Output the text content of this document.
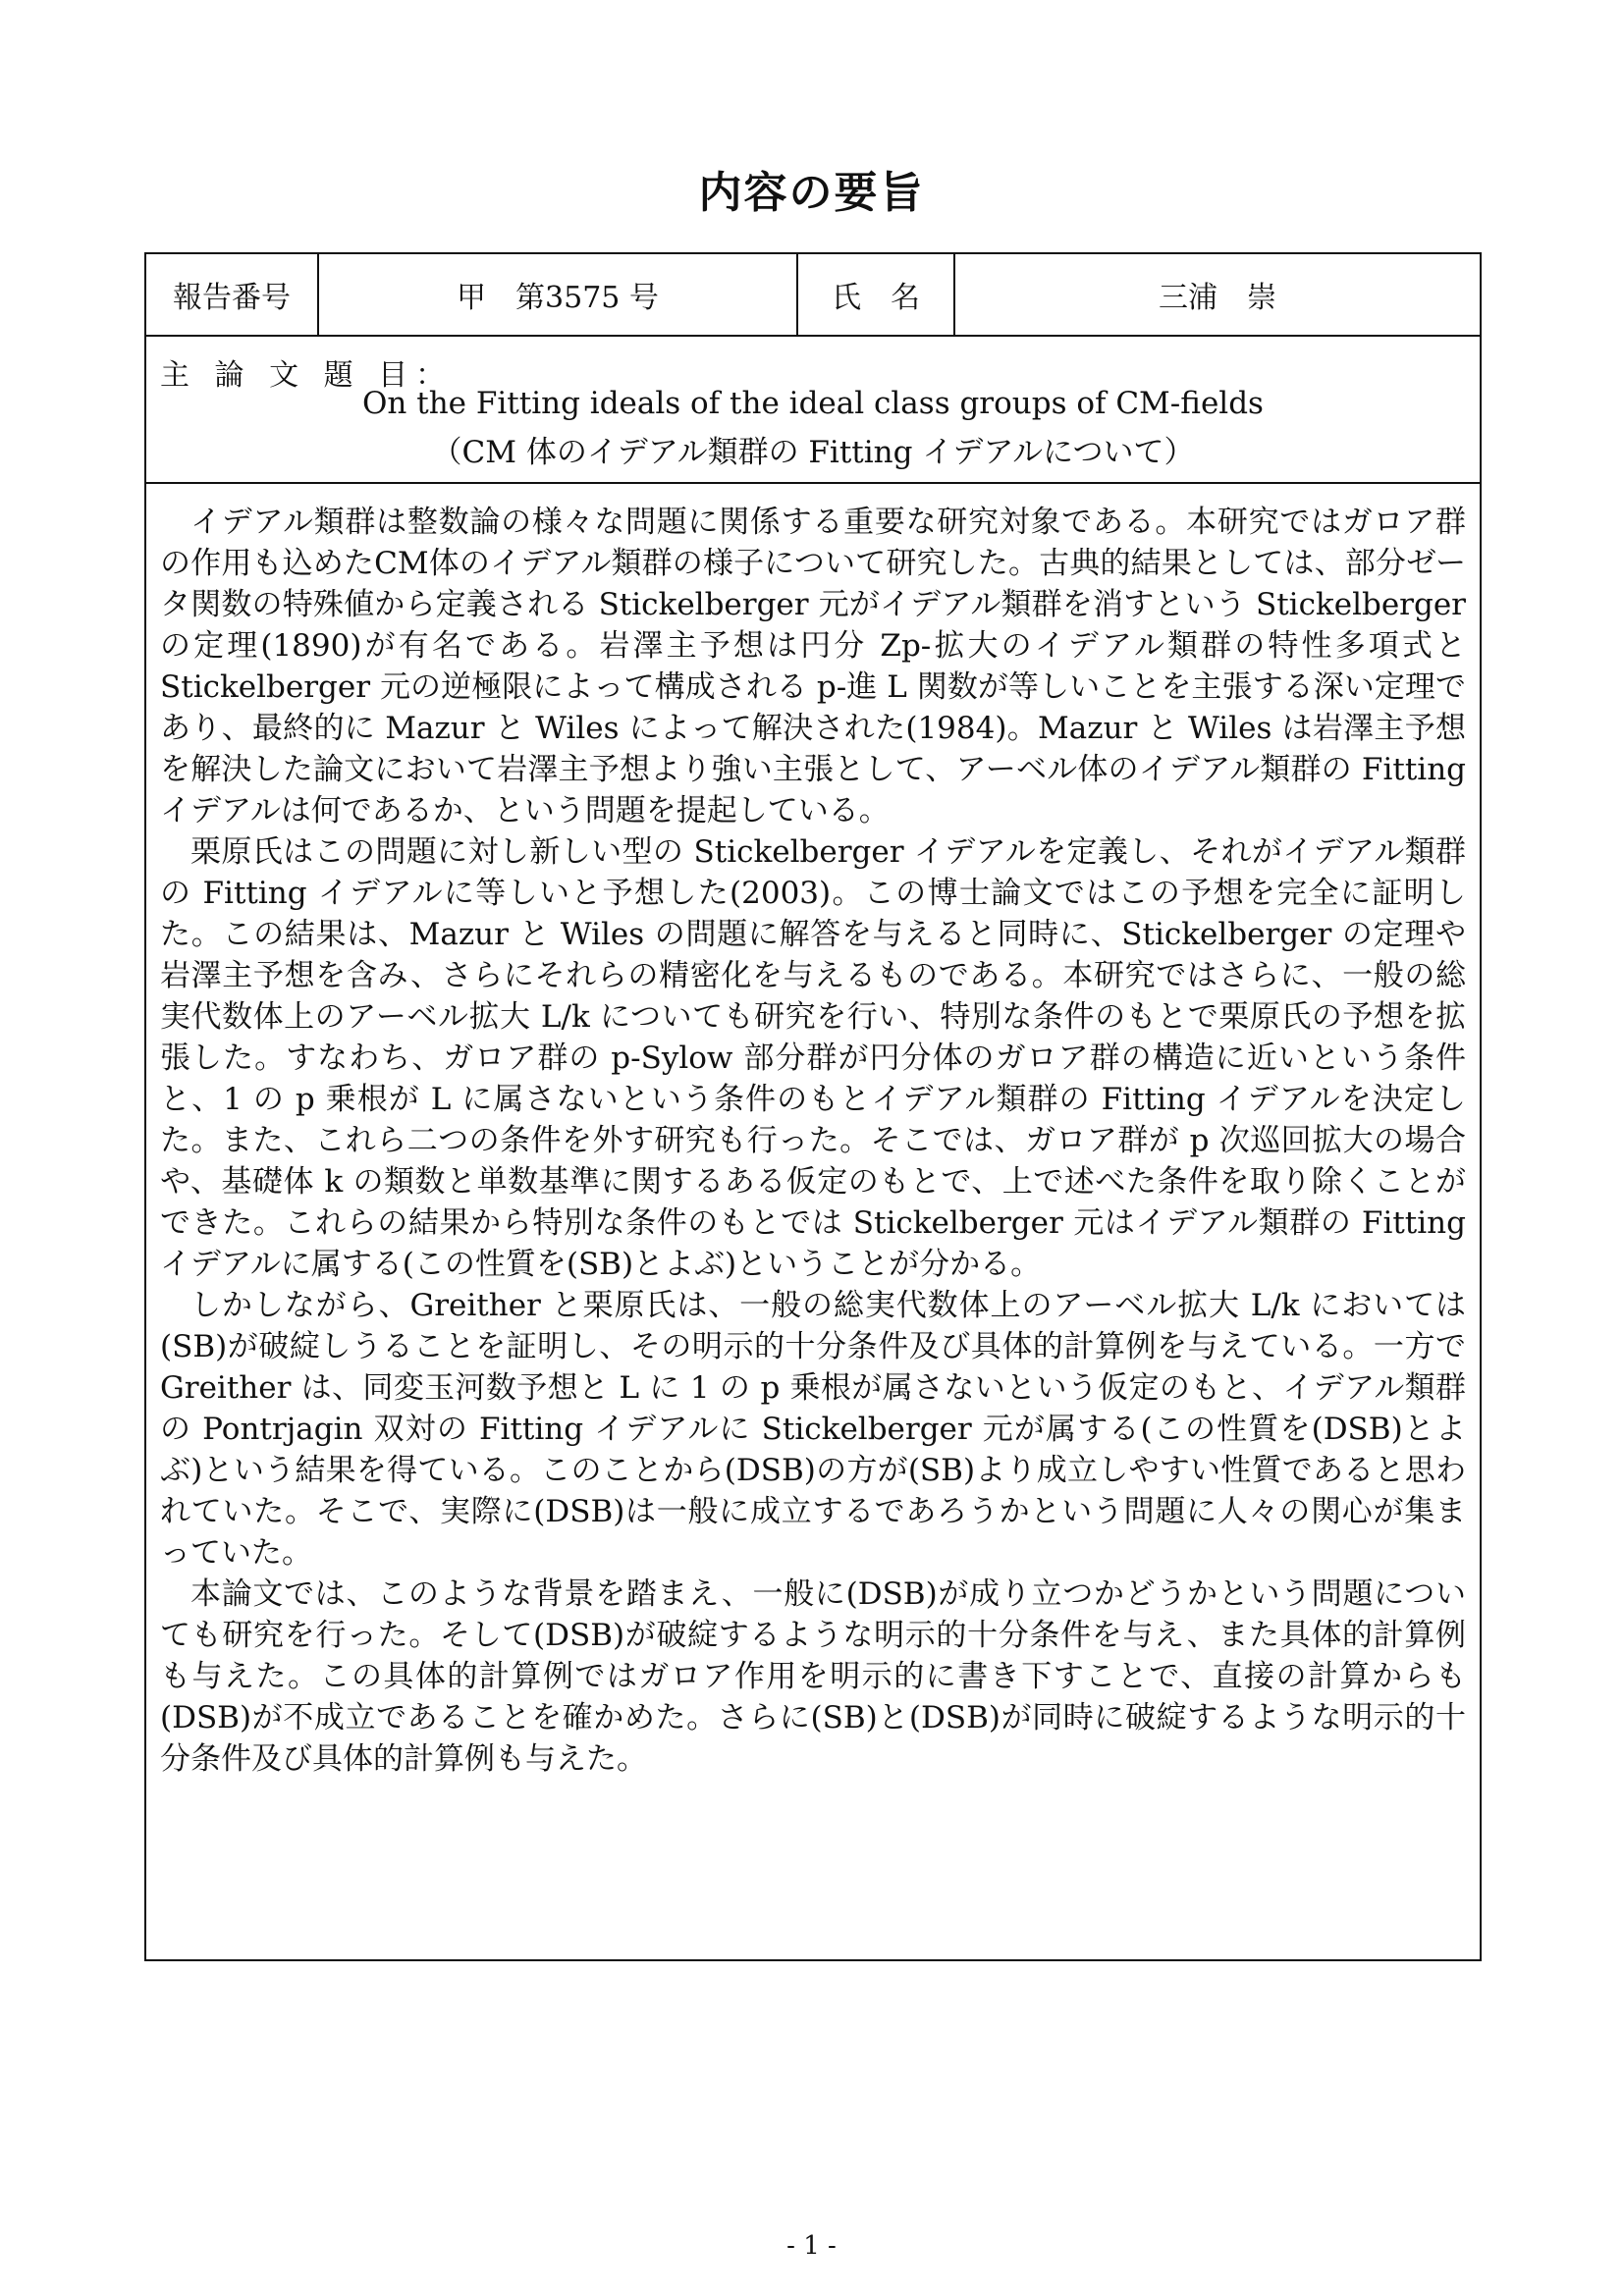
内容の要旨
報告番号	甲　第3575 号	氏　名	三浦　崇
主 論 文 題 目：
On the Fitting ideals of the ideal class groups of CM-fields
（CM 体のイデアル類群の Fitting イデアルについて）

イデアル類群は整数論の様々な問題に関係する重要な研究対象である。本研究ではガロア群の作用も込めたCM体のイデアル類群の様子について研究した。古典的結果としては、部分ゼータ関数の特殊値から定義される Stickelberger 元がイデアル類群を消すという Stickelberger の定理(1890)が有名である。岩澤主予想は円分 Zp-拡大のイデアル類群の特性多項式と Stickelberger 元の逆極限によって構成される p-進 L 関数が等しいことを主張する深い定理であり、最終的に Mazur と Wiles によって解決された(1984)。Mazur と Wiles は岩澤主予想を解決した論文において岩澤主予想より強い主張として、アーベル体のイデアル類群の Fitting イデアルは何であるか、という問題を提起している。

栗原氏はこの問題に対し新しい型の Stickelberger イデアルを定義し、それがイデアル類群の Fitting イデアルに等しいと予想した(2003)。この博士論文ではこの予想を完全に証明した。この結果は、Mazur と Wiles の問題に解答を与えると同時に、Stickelberger の定理や岩澤主予想を含み、さらにそれらの精密化を与えるものである。本研究ではさらに、一般の総実代数体上のアーベル拡大 L/k についても研究を行い、特別な条件のもとで栗原氏の予想を拡張した。すなわち、ガロア群の p-Sylow 部分群が円分体のガロア群の構造に近いという条件と、1 の p 乗根が L に属さないという条件のもとイデアル類群の Fitting イデアルを決定した。また、これら二つの条件を外す研究も行った。そこでは、ガロア群が p 次巡回拡大の場合や、基礎体 k の類数と単数基準に関するある仮定のもとで、上で述べた条件を取り除くことができた。これらの結果から特別な条件のもとでは Stickelberger 元はイデアル類群の Fitting イデアルに属する(この性質を(SB)とよぶ)ということが分かる。

しかしながら、Greither と栗原氏は、一般の総実代数体上のアーベル拡大 L/k においては(SB)が破綻しうることを証明し、その明示的十分条件及び具体的計算例を与えている。一方で Greither は、同変玉河数予想と L に 1 の p 乗根が属さないという仮定のもと、イデアル類群の Pontrjagin 双対の Fitting イデアルに Stickelberger 元が属する(この性質を(DSB)とよぶ)という結果を得ている。このことから(DSB)の方が(SB)より成立しやすい性質であると思われていた。そこで、実際に(DSB)は一般に成立するであろうかという問題に人々の関心が集まっていた。

本論文では、このような背景を踏まえ、一般に(DSB)が成り立つかどうかという問題についても研究を行った。そして(DSB)が破綻するような明示的十分条件を与え、また具体的計算例も与えた。この具体的計算例ではガロア作用を明示的に書き下すことで、直接の計算からも(DSB)が不成立であることを確かめた。さらに(SB)と(DSB)が同時に破綻するような明示的十分条件及び具体的計算例も与えた。

- 1 -
